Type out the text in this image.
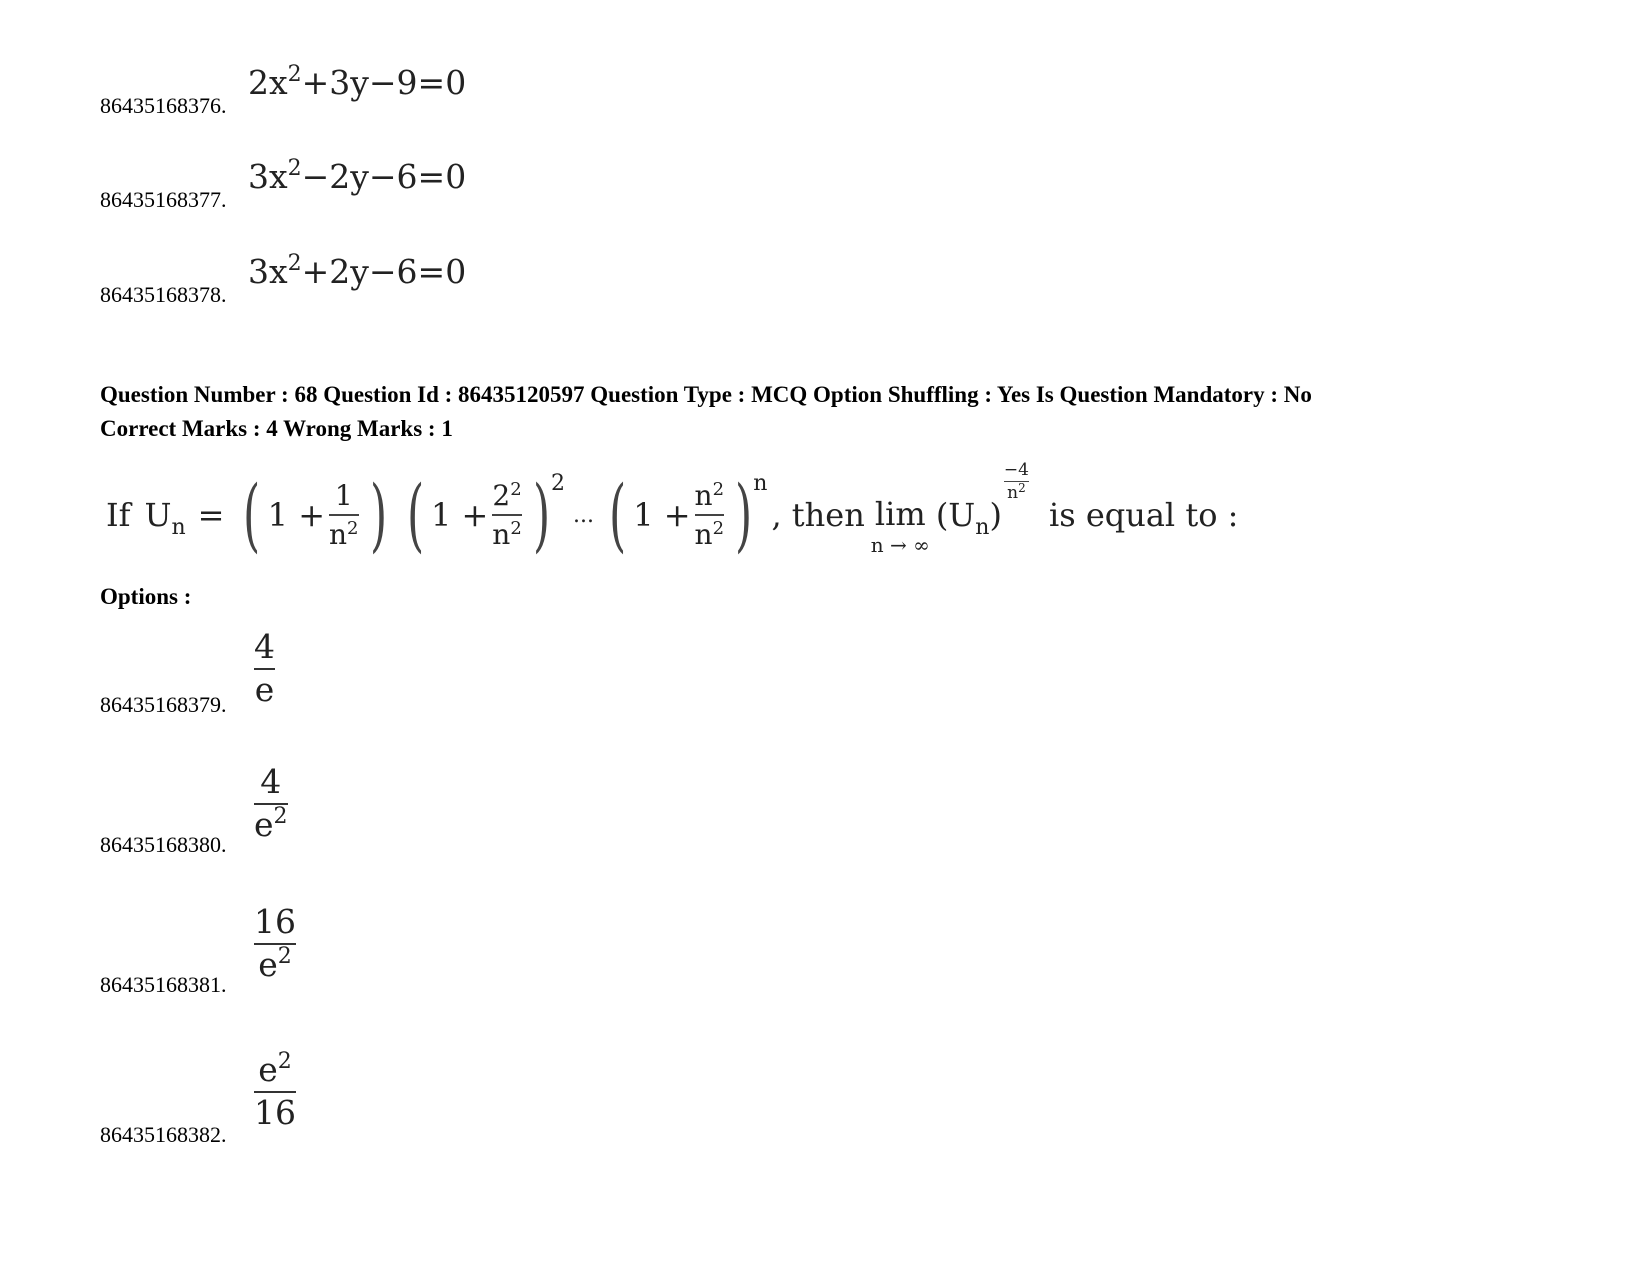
86435168376.
$2x^2+3y-9=0$
86435168377.
$3x^2-2y-6=0$
86435168378.
$3x^2+2y-6=0$
Question Number : 68 Question Id : 86435120597 Question Type : MCQ Option Shuffling : Yes Is Question Mandatory : No
Correct Marks : 4 Wrong Marks : 1
If $U_n$ = ( 1 +
1
$n^2$ ) ( 1 +
$2^2$
$n^2$ ) 2
... ( 1 +
$n^2$
$n^2$ ) n
, then lim
n → ∞
$(U_n)$
−4
$n^2$
is equal to :
Options :
86435168379. $\frac{4}{e}$
86435168380.
$\frac{4}{e^2}$
86435168381.
$\frac{16}{e^2}$
86435168382.
$\frac{e^2}{16}$
